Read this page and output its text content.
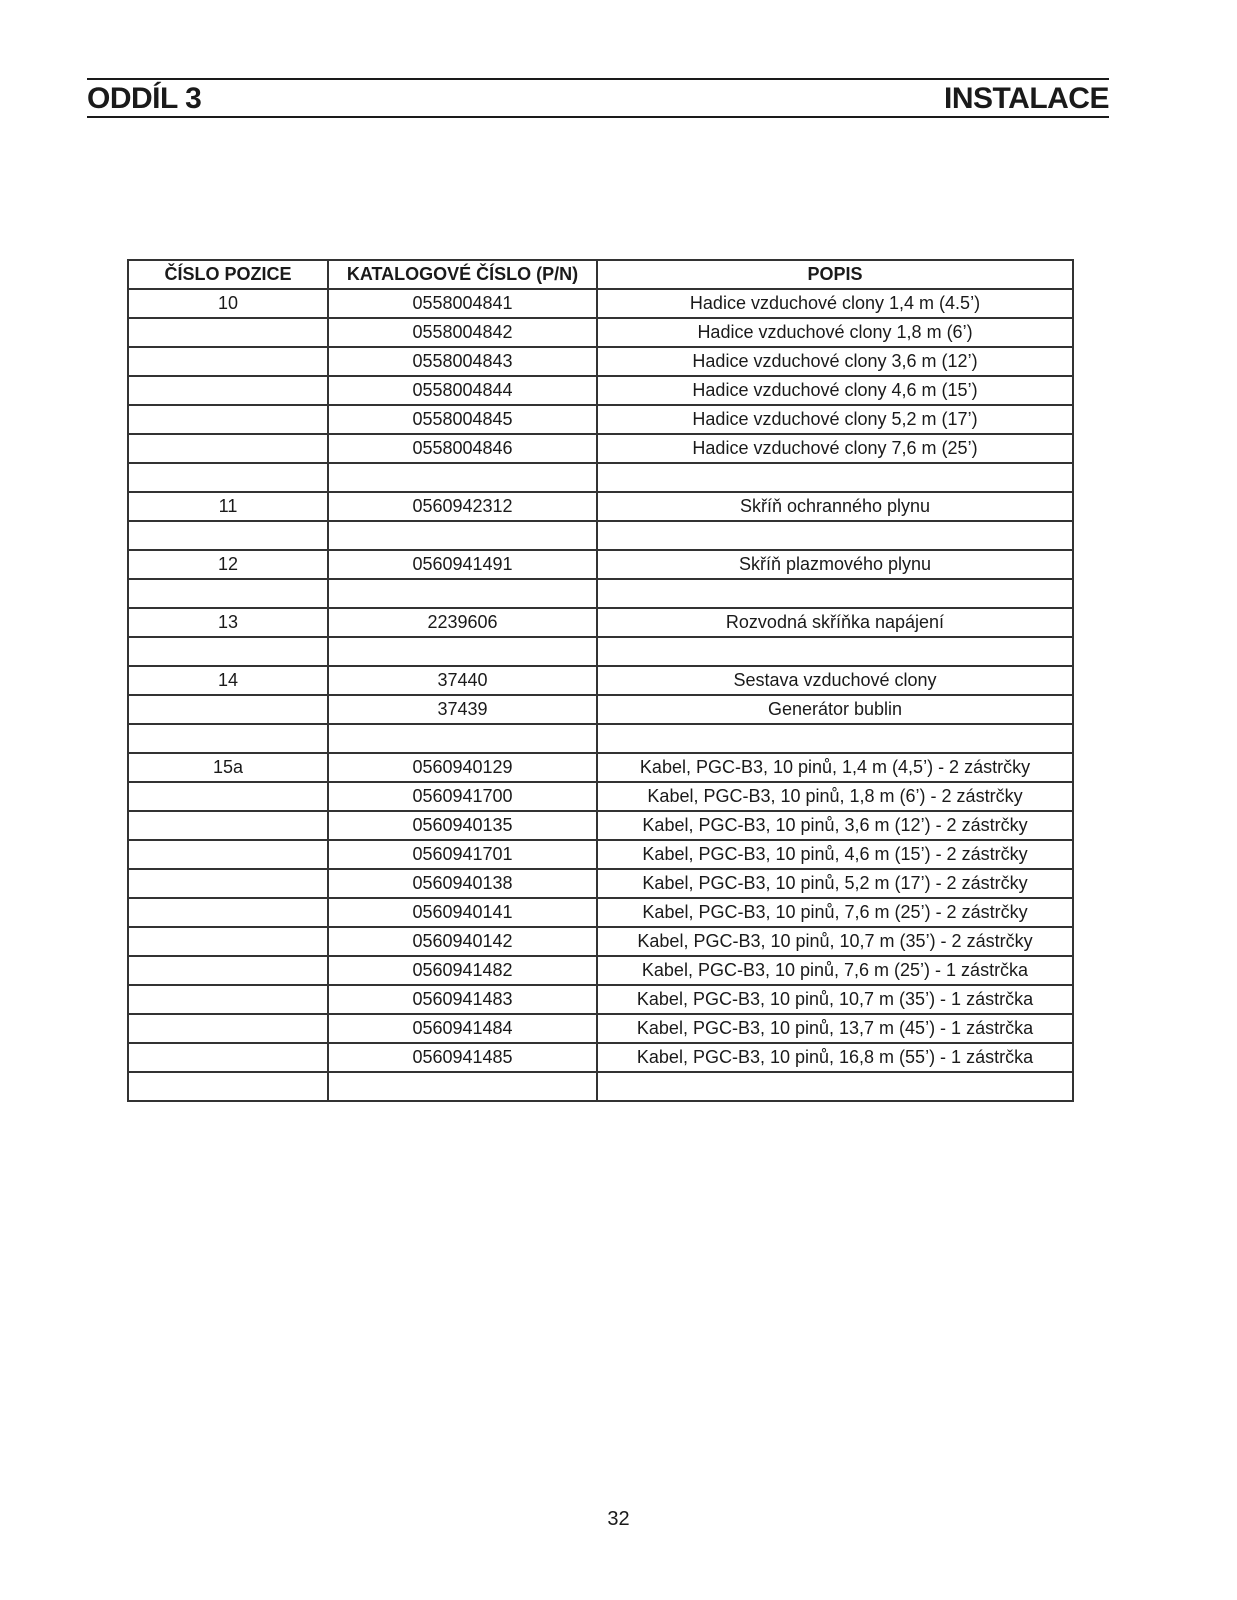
ODDÍL 3	INSTALACE
ČÍSLO POZICE	KATALOGOVÉ ČÍSLO (P/N)	POPIS
10	0558004841	Hadice vzduchové clony 1,4 m (4.5’)
	0558004842	Hadice vzduchové clony 1,8 m (6’)
	0558004843	Hadice vzduchové clony 3,6 m (12’)
	0558004844	Hadice vzduchové clony 4,6 m (15’)
	0558004845	Hadice vzduchové clony 5,2 m (17’)
	0558004846	Hadice vzduchové clony 7,6 m (25’)

11	0560942312	Skříň ochranného plynu

12	0560941491	Skříň plazmového plynu

13	2239606	Rozvodná skříňka napájení

14	37440	Sestava vzduchové clony
	37439	Generátor bublin

15a	0560940129	Kabel, PGC-B3, 10 pinů, 1,4 m (4,5’) - 2 zástrčky
	0560941700	Kabel, PGC-B3, 10 pinů, 1,8 m (6’) - 2 zástrčky
	0560940135	Kabel, PGC-B3, 10 pinů, 3,6 m (12’) - 2 zástrčky
	0560941701	Kabel, PGC-B3, 10 pinů, 4,6 m (15’) - 2 zástrčky
	0560940138	Kabel, PGC-B3, 10 pinů, 5,2 m (17’) - 2 zástrčky
	0560940141	Kabel, PGC-B3, 10 pinů, 7,6 m (25’) - 2 zástrčky
	0560940142	Kabel, PGC-B3, 10 pinů, 10,7 m (35’) - 2 zástrčky
	0560941482	Kabel, PGC-B3, 10 pinů, 7,6 m (25’) - 1 zástrčka
	0560941483	Kabel, PGC-B3, 10 pinů, 10,7 m (35’) - 1 zástrčka
	0560941484	Kabel, PGC-B3, 10 pinů, 13,7 m (45’) - 1 zástrčka
	0560941485	Kabel, PGC-B3, 10 pinů, 16,8 m (55’) - 1 zástrčka

32
